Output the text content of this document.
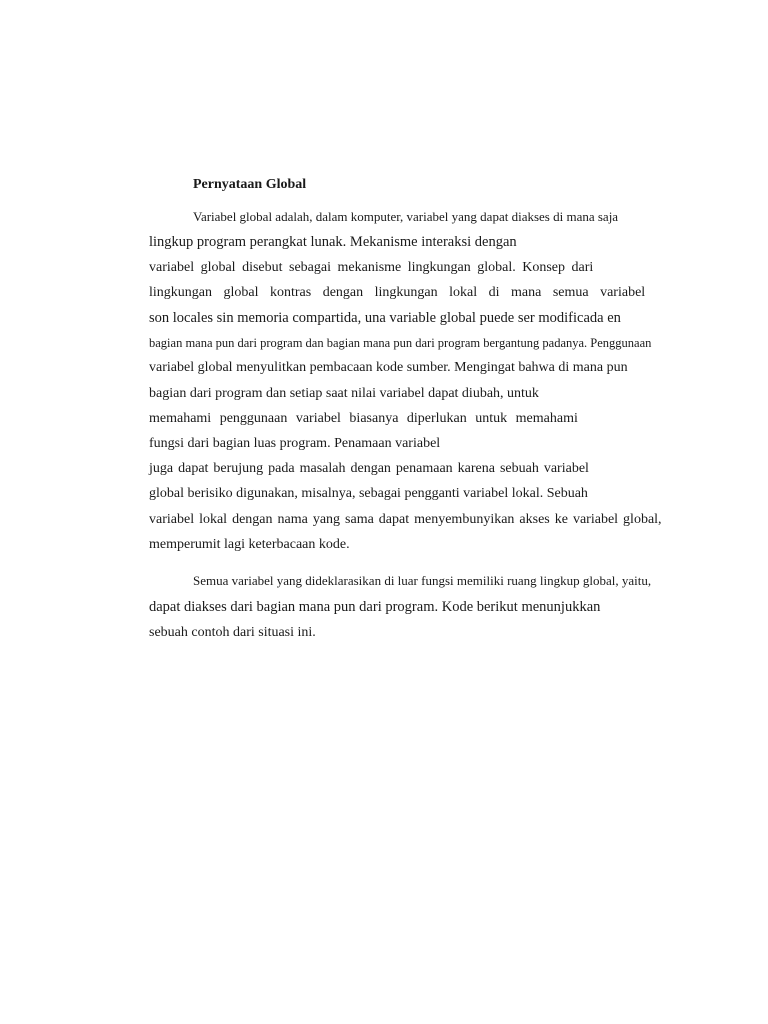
Pernyataan Global
Variabel global adalah, dalam komputer, variabel yang dapat diakses di mana saja
lingkup program perangkat lunak. Mekanisme interaksi dengan
variabel global disebut sebagai mekanisme lingkungan global. Konsep dari
lingkungan global kontras dengan lingkungan lokal di mana semua variabel
son locales sin memoria compartida, una variable global puede ser modificada en
bagian mana pun dari program dan bagian mana pun dari program bergantung padanya. Penggunaan
variabel global menyulitkan pembacaan kode sumber. Mengingat bahwa di mana pun
bagian dari program dan setiap saat nilai variabel dapat diubah, untuk
memahami penggunaan variabel biasanya diperlukan untuk memahami
fungsi dari bagian luas program. Penamaan variabel
juga dapat berujung pada masalah dengan penamaan karena sebuah variabel
global berisiko digunakan, misalnya, sebagai pengganti variabel lokal. Sebuah
variabel lokal dengan nama yang sama dapat menyembunyikan akses ke variabel global,
memperumit lagi keterbacaan kode.
Semua variabel yang dideklarasikan di luar fungsi memiliki ruang lingkup global, yaitu,
dapat diakses dari bagian mana pun dari program. Kode berikut menunjukkan
sebuah contoh dari situasi ini.
